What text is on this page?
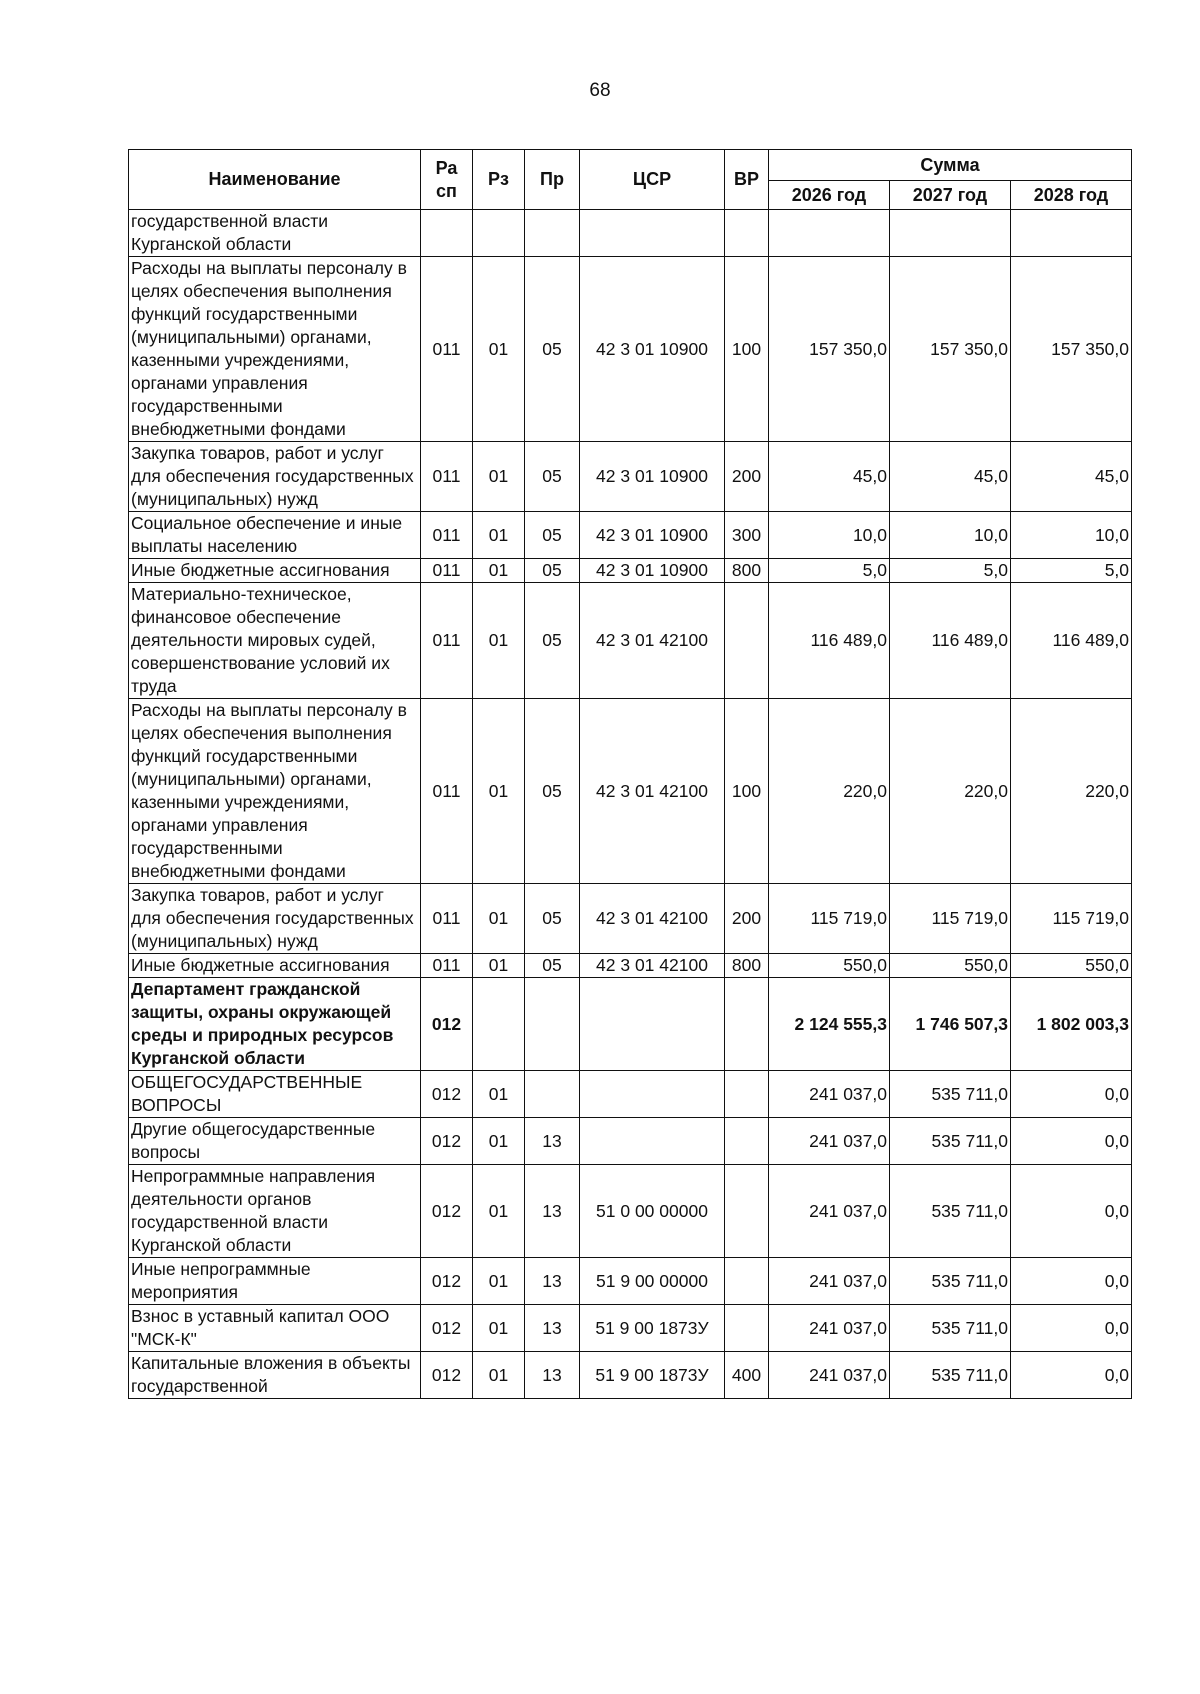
68
Наименование	Ра сп	Рз	Пр	ЦСР	ВР	Сумма		
						2026 год	2027 год	2028 год
государственной власти Курганской области								
Расходы на выплаты персоналу в целях обеспечения выполнения функций государственными (муниципальными) органами, казенными учреждениями, органами управления государственными внебюджетными фондами	011	01	05	42 3 01 10900	100	157 350,0	157 350,0	157 350,0
Закупка товаров, работ и услуг для обеспечения государственных (муниципальных) нужд	011	01	05	42 3 01 10900	200	45,0	45,0	45,0
Социальное обеспечение и иные выплаты населению	011	01	05	42 3 01 10900	300	10,0	10,0	10,0
Иные бюджетные ассигнования	011	01	05	42 3 01 10900	800	5,0	5,0	5,0
Материально-техническое, финансовое обеспечение деятельности мировых судей, совершенствование условий их труда	011	01	05	42 3 01 42100		116 489,0	116 489,0	116 489,0
Расходы на выплаты персоналу в целях обеспечения выполнения функций государственными (муниципальными) органами, казенными учреждениями, органами управления государственными внебюджетными фондами	011	01	05	42 3 01 42100	100	220,0	220,0	220,0
Закупка товаров, работ и услуг для обеспечения государственных (муниципальных) нужд	011	01	05	42 3 01 42100	200	115 719,0	115 719,0	115 719,0
Иные бюджетные ассигнования	011	01	05	42 3 01 42100	800	550,0	550,0	550,0
Департамент гражданской защиты, охраны окружающей среды и природных ресурсов Курганской области	012					2 124 555,3	1 746 507,3	1 802 003,3
ОБЩЕГОСУДАРСТВЕННЫЕ ВОПРОСЫ	012	01				241 037,0	535 711,0	0,0
Другие общегосударственные вопросы	012	01	13			241 037,0	535 711,0	0,0
Непрограммные направления деятельности органов государственной власти Курганской области	012	01	13	51 0 00 00000		241 037,0	535 711,0	0,0
Иные непрограммные мероприятия	012	01	13	51 9 00 00000		241 037,0	535 711,0	0,0
Взнос в уставный капитал ООО "МСК-К"	012	01	13	51 9 00 1873У		241 037,0	535 711,0	0,0
Капитальные вложения в объекты государственной	012	01	13	51 9 00 1873У	400	241 037,0	535 711,0	0,0
